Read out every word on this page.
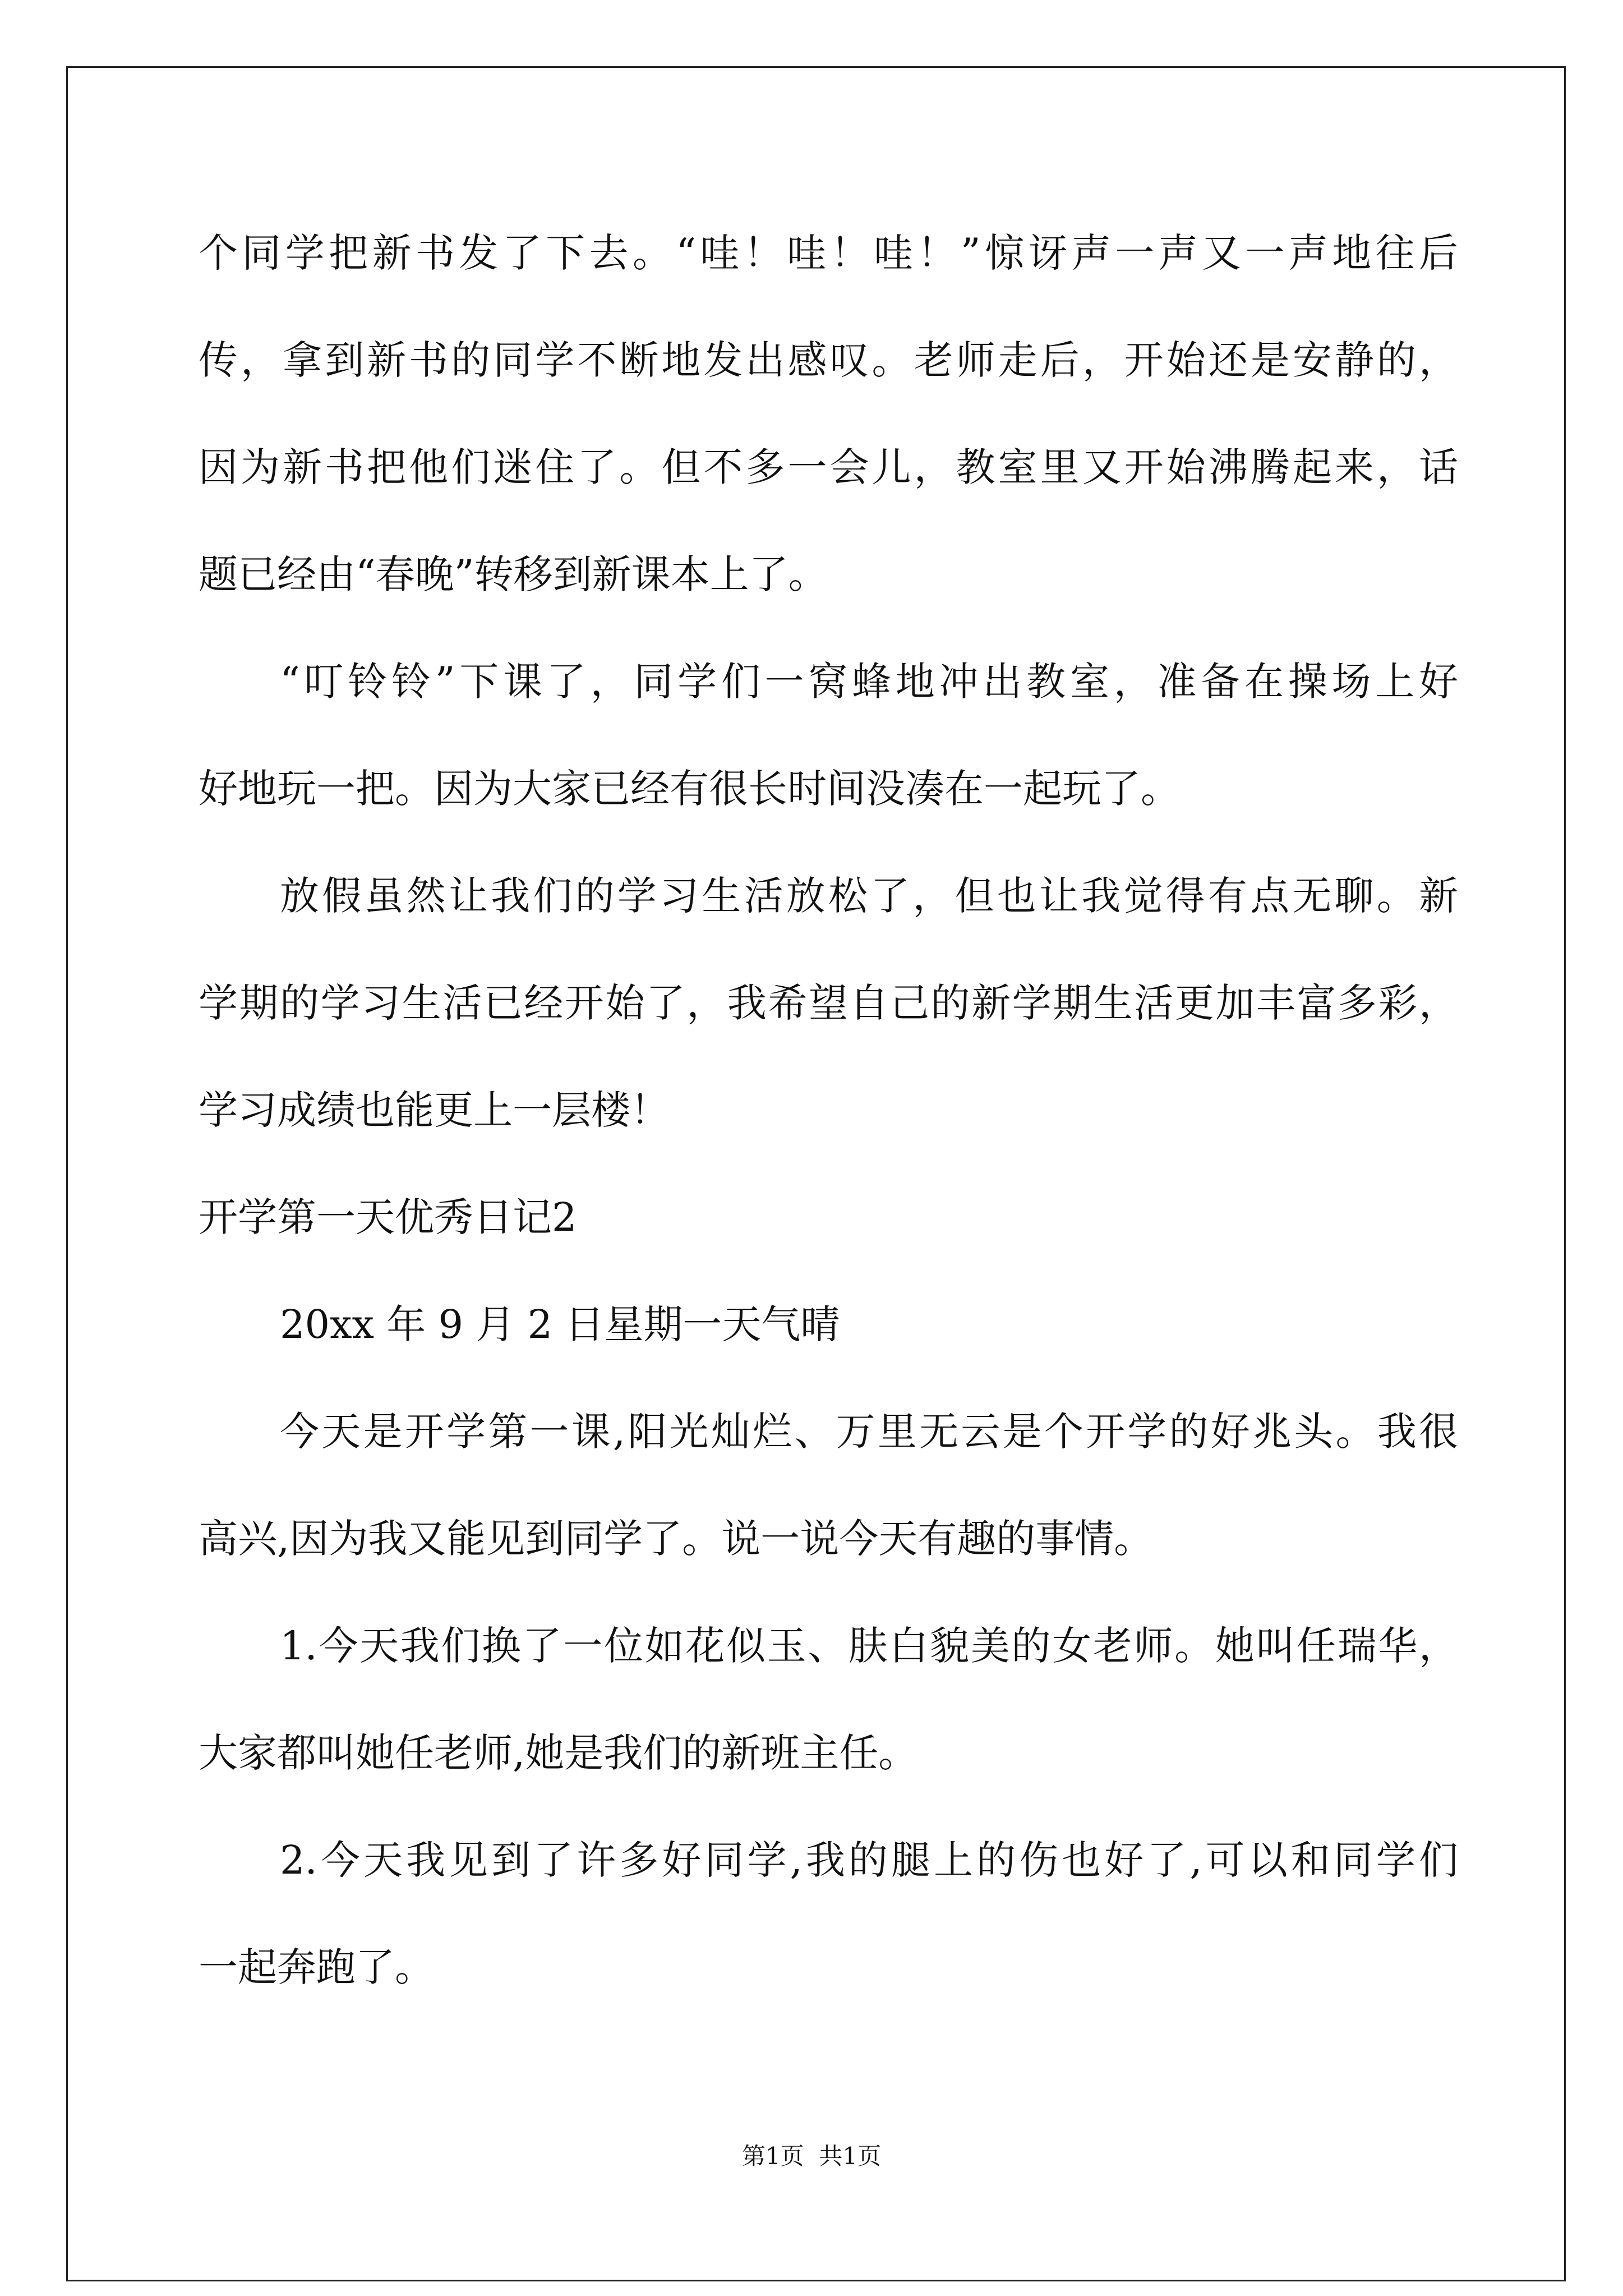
个同学把新书发了下去。“哇！哇！哇！”惊讶声一声又一声地往后
传，拿到新书的同学不断地发出感叹。老师走后，开始还是安静的，
因为新书把他们迷住了。但不多一会儿，教室里又开始沸腾起来，话
题已经由“春晚”转移到新课本上了。
“叮铃铃”下课了，同学们一窝蜂地冲出教室，准备在操场上好
好地玩一把。因为大家已经有很长时间没凑在一起玩了。
放假虽然让我们的学习生活放松了，但也让我觉得有点无聊。新
学期的学习生活已经开始了，我希望自己的新学期生活更加丰富多彩，
学习成绩也能更上一层楼！
开学第一天优秀日记2
20xx 年 9 月 2 日星期一天气晴
今天是开学第一课,阳光灿烂、万里无云是个开学的好兆头。我很
高兴,因为我又能见到同学了。说一说今天有趣的事情。
1.今天我们换了一位如花似玉、肤白貌美的女老师。她叫任瑞华，
大家都叫她任老师,她是我们的新班主任。
2.今天我见到了许多好同学,我的腿上的伤也好了,可以和同学们
一起奔跑了。
第1页  共1页
